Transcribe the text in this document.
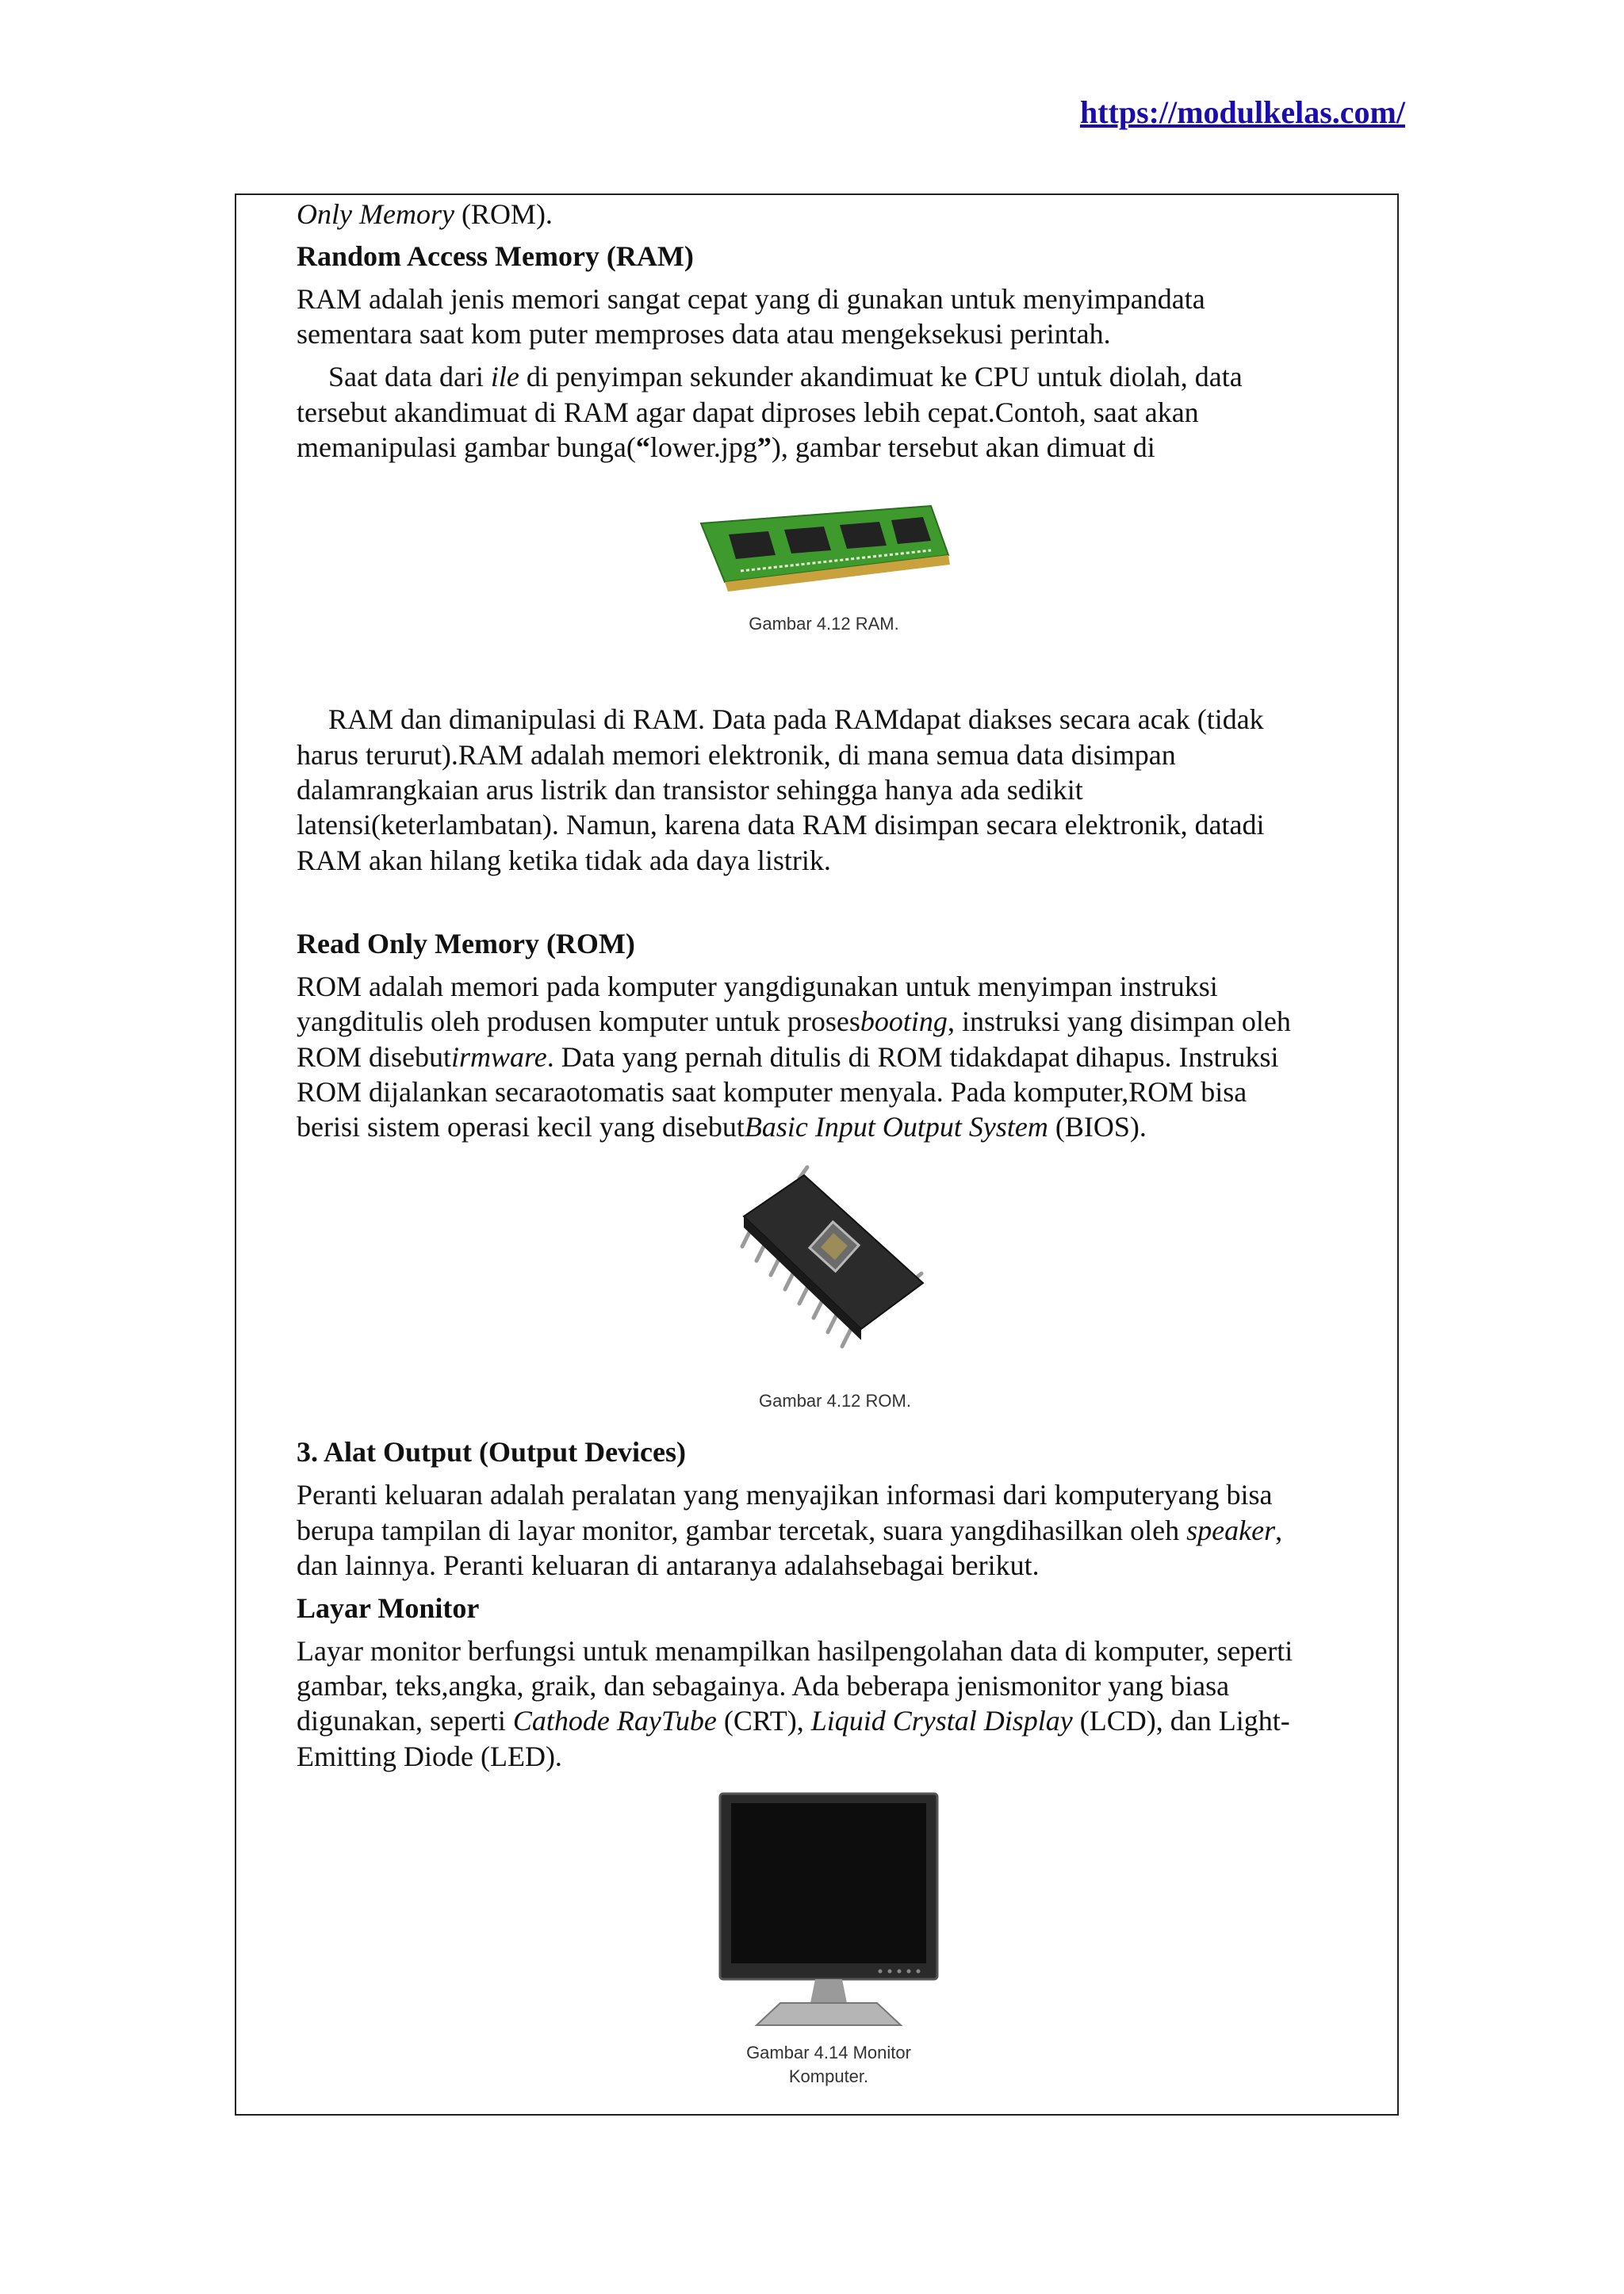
https://modulkelas.com/

Only Memory (ROM).

Random Access Memory (RAM)

RAM adalah jenis memori sangat cepat yang di gunakan untuk menyimpandata

sementara saat kom puter memproses data atau mengeksekusi perintah.

Saat data dari ile di penyimpan sekunder akandimuat ke CPU untuk diolah, data

tersebut akandimuat di RAM agar dapat diproses lebih cepat.Contoh, saat akan

memanipulasi gambar bunga(“lower.jpg”), gambar tersebut akan dimuat di

Gambar 4.12 RAM.

RAM dan dimanipulasi di RAM. Data pada RAMdapat diakses secara acak (tidak

harus terurut).RAM adalah memori elektronik, di mana semua data disimpan

dalamrangkaian arus listrik dan transistor sehingga hanya ada sedikit

latensi(keterlambatan). Namun, karena data RAM disimpan secara elektronik, datadi

RAM akan hilang ketika tidak ada daya listrik.

Read Only Memory (ROM)

ROM adalah memori pada komputer yangdigunakan untuk menyimpan instruksi

yangditulis oleh produsen komputer untuk prosesbooting, instruksi yang disimpan oleh

ROM disebutirmware. Data yang pernah ditulis di ROM tidakdapat dihapus. Instruksi

ROM dijalankan secaraotomatis saat komputer menyala. Pada komputer,ROM bisa

berisi sistem operasi kecil yang disebutBasic Input Output System (BIOS).

Gambar 4.12 ROM.

3. Alat Output (Output Devices)

Peranti keluaran adalah peralatan yang menyajikan informasi dari komputeryang bisa

berupa tampilan di layar monitor, gambar tercetak, suara yangdihasilkan oleh speaker,

dan lainnya. Peranti keluaran di antaranya adalahsebagai berikut.

Layar Monitor

Layar monitor berfungsi untuk menampilkan hasilpengolahan data di komputer, seperti

gambar, teks,angka, graik, dan sebagainya. Ada beberapa jenismonitor yang biasa

digunakan, seperti Cathode RayTube (CRT), Liquid Crystal Display (LCD), dan Light-

Emitting Diode (LED).

Gambar 4.14 Monitor
Komputer.
